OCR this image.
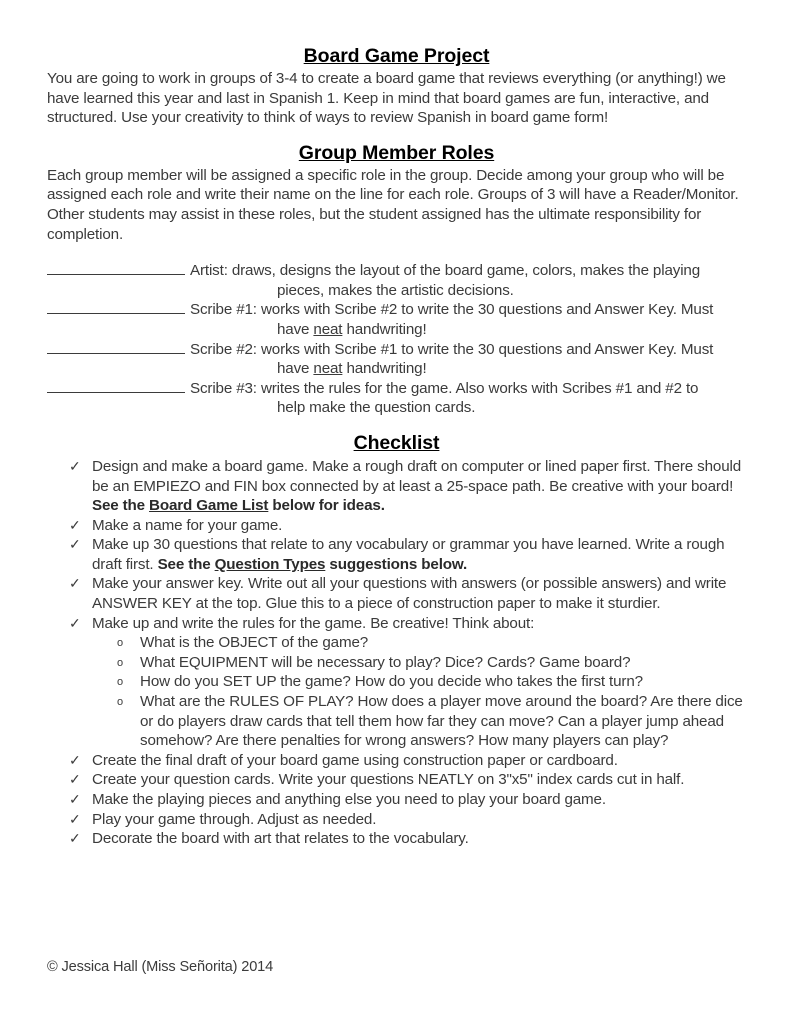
Board Game Project

You are going to work in groups of 3-4 to create a board game that reviews everything (or anything!) we have learned this year and last in Spanish 1. Keep in mind that board games are fun, interactive, and structured. Use your creativity to think of ways to review Spanish in board game form!

Group Member Roles

Each group member will be assigned a specific role in the group. Decide among your group who will be assigned each role and write their name on the line for each role. Groups of 3 will have a Reader/Monitor. Other students may assist in these roles, but the student assigned has the ultimate responsibility for completion.

Artist: draws, designs the layout of the board game, colors, makes the playing
pieces, makes the artistic decisions.
Scribe #1: works with Scribe #2 to write the 30 questions and Answer Key. Must
have neat handwriting!
Scribe #2: works with Scribe #1 to write the 30 questions and Answer Key. Must
have neat handwriting!
Scribe #3: writes the rules for the game. Also works with Scribes #1 and #2 to
help make the question cards.
Checklist
✓ Design and make a board game. Make a rough draft on computer or lined paper first. There should be an EMPIEZO and FIN box connected by at least a 25-space path. Be creative with your board! See the Board Game List below for ideas.
✓ Make a name for your game.
✓ Make up 30 questions that relate to any vocabulary or grammar you have learned. Write a rough draft first. See the Question Types suggestions below.
✓ Make your answer key. Write out all your questions with answers (or possible answers) and write ANSWER KEY at the top. Glue this to a piece of construction paper to make it sturdier.
✓ Make up and write the rules for the game. Be creative! Think about:
o What is the OBJECT of the game?
o What EQUIPMENT will be necessary to play? Dice? Cards? Game board?
o How do you SET UP the game? How do you decide who takes the first turn?
o What are the RULES OF PLAY? How does a player move around the board? Are there dice or do players draw cards that tell them how far they can move? Can a player jump ahead somehow? Are there penalties for wrong answers? How many players can play?
✓ Create the final draft of your board game using construction paper or cardboard.
✓ Create your question cards. Write your questions NEATLY on 3"x5" index cards cut in half.
✓ Make the playing pieces and anything else you need to play your board game.
✓ Play your game through. Adjust as needed.
✓ Decorate the board with art that relates to the vocabulary.
© Jessica Hall (Miss Señorita) 2014
